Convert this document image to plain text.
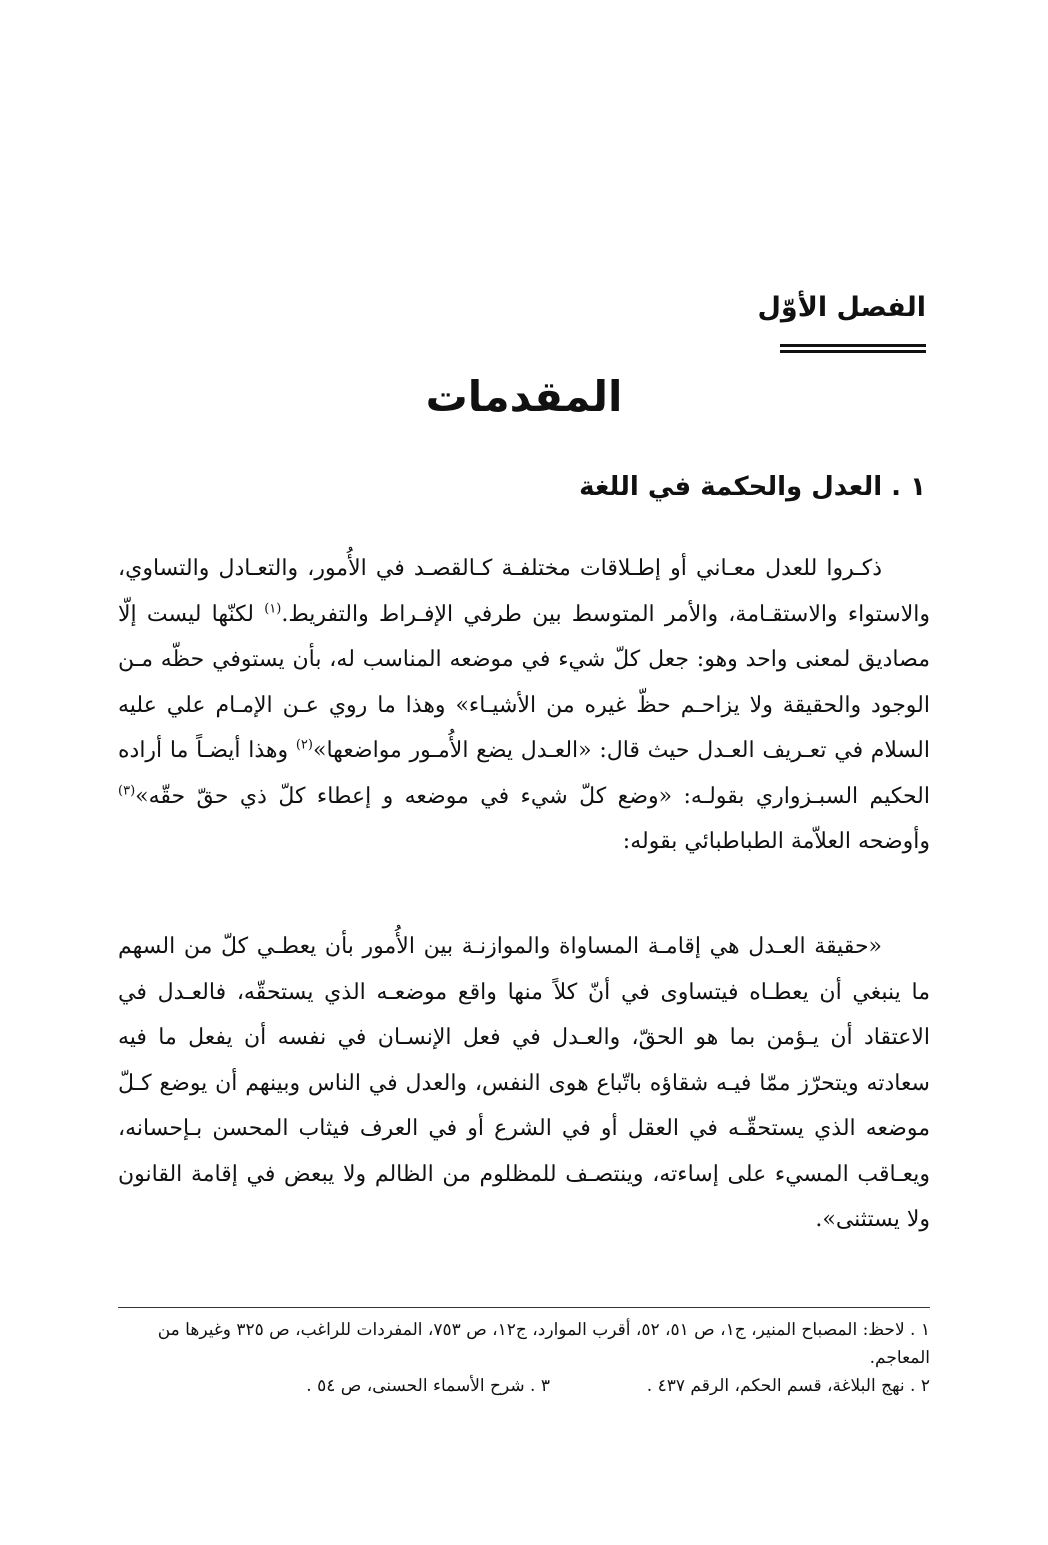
الفصل الأوّل
المقدمات
١ . العدل والحكمة في اللغة
ذكـروا للعدل معـاني أو إطـلاقات مختلفـة كـالقصـد في الأُمور، والتعـادل والتساوي، والاستواء والاستقـامة، والأمر المتوسط بين طرفي الإفـراط والتفريط.$^{(١)}$ لكنّها ليست إلّا مصاديق لمعنى واحد وهو: جعل كلّ شيء في موضعه المناسب له، بأن يستوفي حظّه مـن الوجود والحقيقة ولا يزاحـم حظّ غيره من الأشيـاء» وهذا ما روي عـن الإمـام علي عليه السلام في تعـريف العـدل حيث قال: «العـدل يضع الأُمـور مواضعها»$^{(٢)}$ وهذا أيضـاً ما أراده الحكيم السبـزواري بقولـه: «وضع كلّ شيء في موضعه و إعطاء كلّ ذي حقّ حقّه»$^{(٣)}$ وأوضحه العلاّمة الطباطبائي بقوله:
«حقيقة العـدل هي إقامـة المساواة والموازنـة بين الأُمور بأن يعطـي كلّ من السهم ما ينبغي أن يعطـاه فيتساوى في أنّ كلاً منها واقع موضعـه الذي يستحقّه، فالعـدل في الاعتقاد أن يـؤمن بما هو الحقّ، والعـدل في فعل الإنسـان في نفسه أن يفعل ما فيه سعادته ويتحرّز ممّا فيـه شقاؤه باتّباع هوى النفس، والعدل في الناس وبينهم أن يوضع كـلّ موضعه الذي يستحقّـه في العقل أو في الشرع أو في العرف فيثاب المحسن بـإحسانه، ويعـاقب المسيء على إساءته، وينتصـف للمظلوم من الظالم ولا يبعض في إقامة القانون ولا يستثنى».

١ . لاحظ: المصباح المنير، ج١، ص ٥١، ٥٢، أقرب الموارد، ج١٢، ص ٧٥٣، المفردات للراغب، ص ٣٢٥ وغيرها من المعاجم.

٢ . نهج البلاغة، قسم الحكم، الرقم ٤٣٧ .

٣ . شرح الأسماء الحسنى، ص ٥٤ .
